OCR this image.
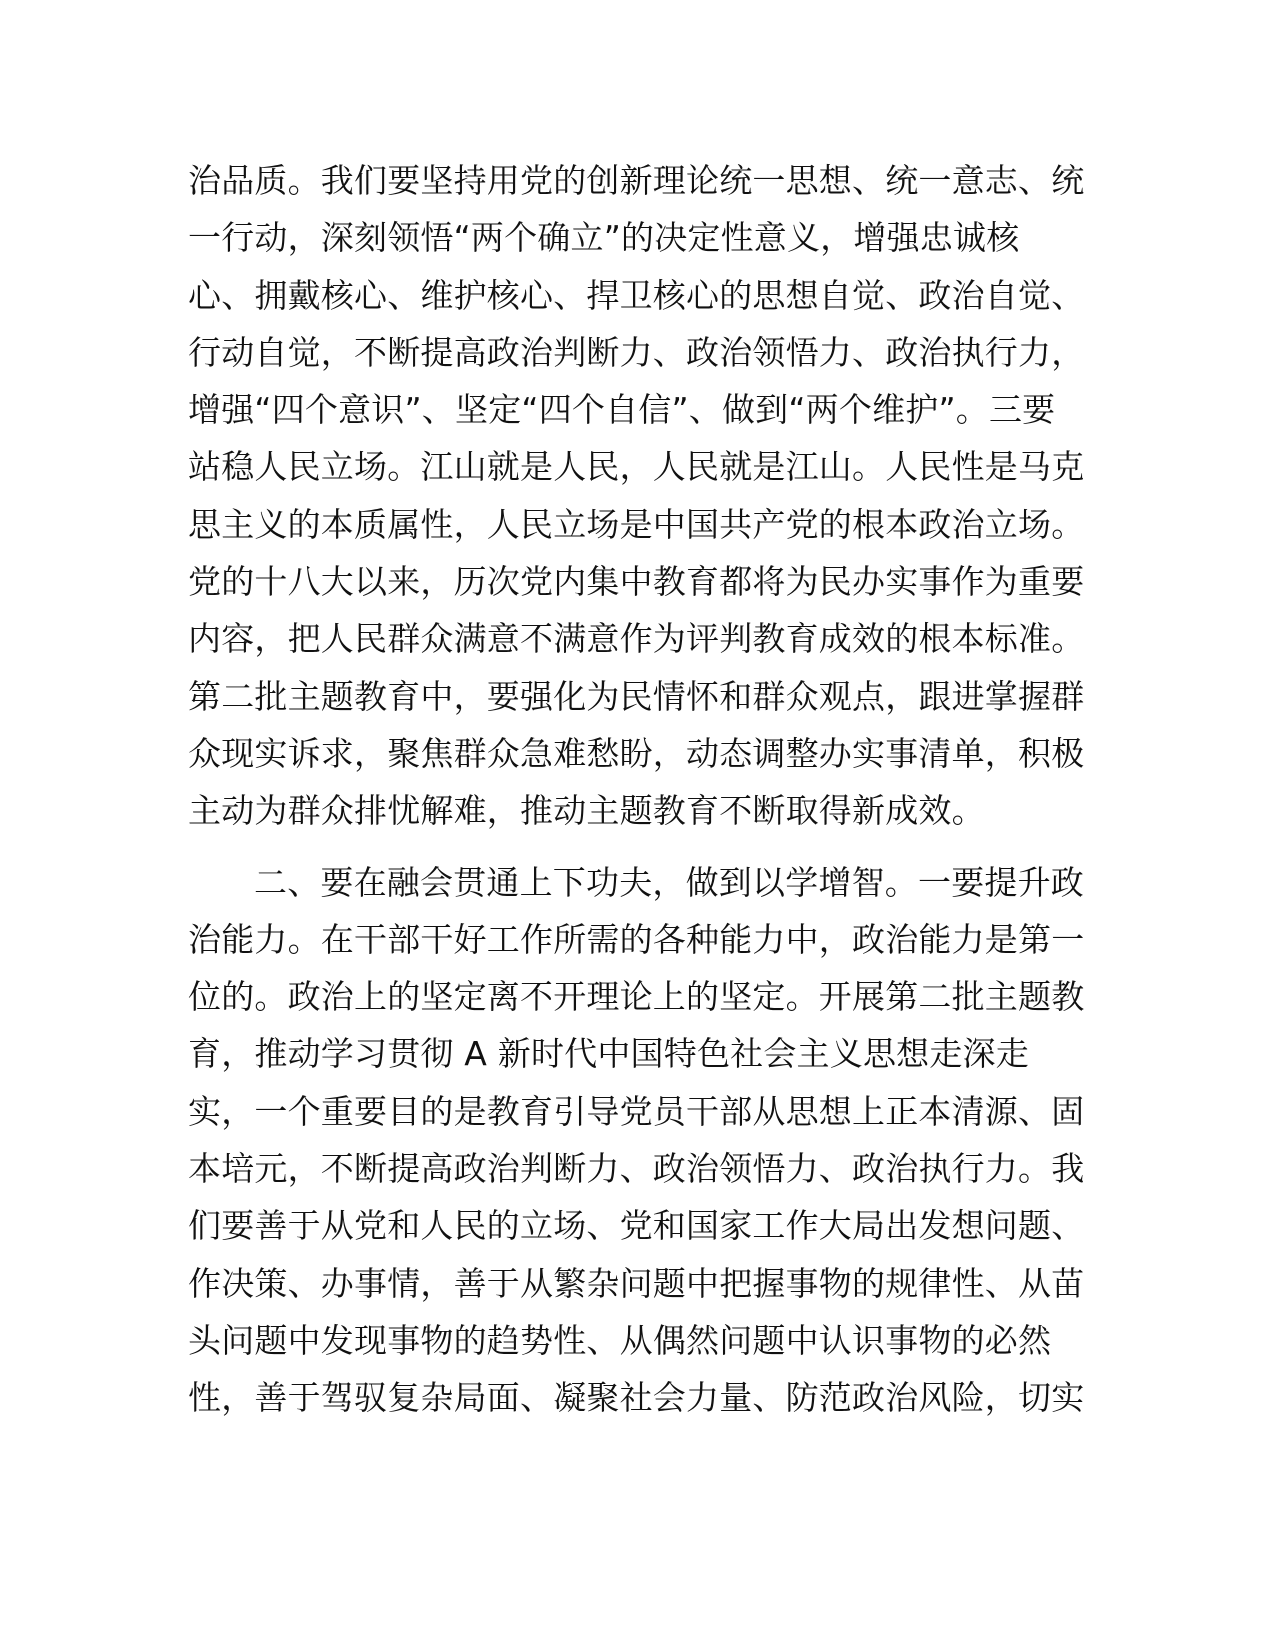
治品质。我们要坚持用党的创新理论统一思想、统一意志、统
一行动，深刻领悟“两个确立”的决定性意义，增强忠诚核
心、拥戴核心、维护核心、捍卫核心的思想自觉、政治自觉、
行动自觉，不断提高政治判断力、政治领悟力、政治执行力，
增强“四个意识”、坚定“四个自信”、做到“两个维护”。三要
站稳人民立场。江山就是人民，人民就是江山。人民性是马克
思主义的本质属性，人民立场是中国共产党的根本政治立场。
党的十八大以来，历次党内集中教育都将为民办实事作为重要
内容，把人民群众满意不满意作为评判教育成效的根本标准。
第二批主题教育中，要强化为民情怀和群众观点，跟进掌握群
众现实诉求，聚焦群众急难愁盼，动态调整办实事清单，积极
主动为群众排忧解难，推动主题教育不断取得新成效。
二、要在融会贯通上下功夫，做到以学增智。一要提升政
治能力。在干部干好工作所需的各种能力中，政治能力是第一
位的。政治上的坚定离不开理论上的坚定。开展第二批主题教
育，推动学习贯彻 A 新时代中国特色社会主义思想走深走
实，一个重要目的是教育引导党员干部从思想上正本清源、固
本培元，不断提高政治判断力、政治领悟力、政治执行力。我
们要善于从党和人民的立场、党和国家工作大局出发想问题、
作决策、办事情，善于从繁杂问题中把握事物的规律性、从苗
头问题中发现事物的趋势性、从偶然问题中认识事物的必然
性，善于驾驭复杂局面、凝聚社会力量、防范政治风险，切实
